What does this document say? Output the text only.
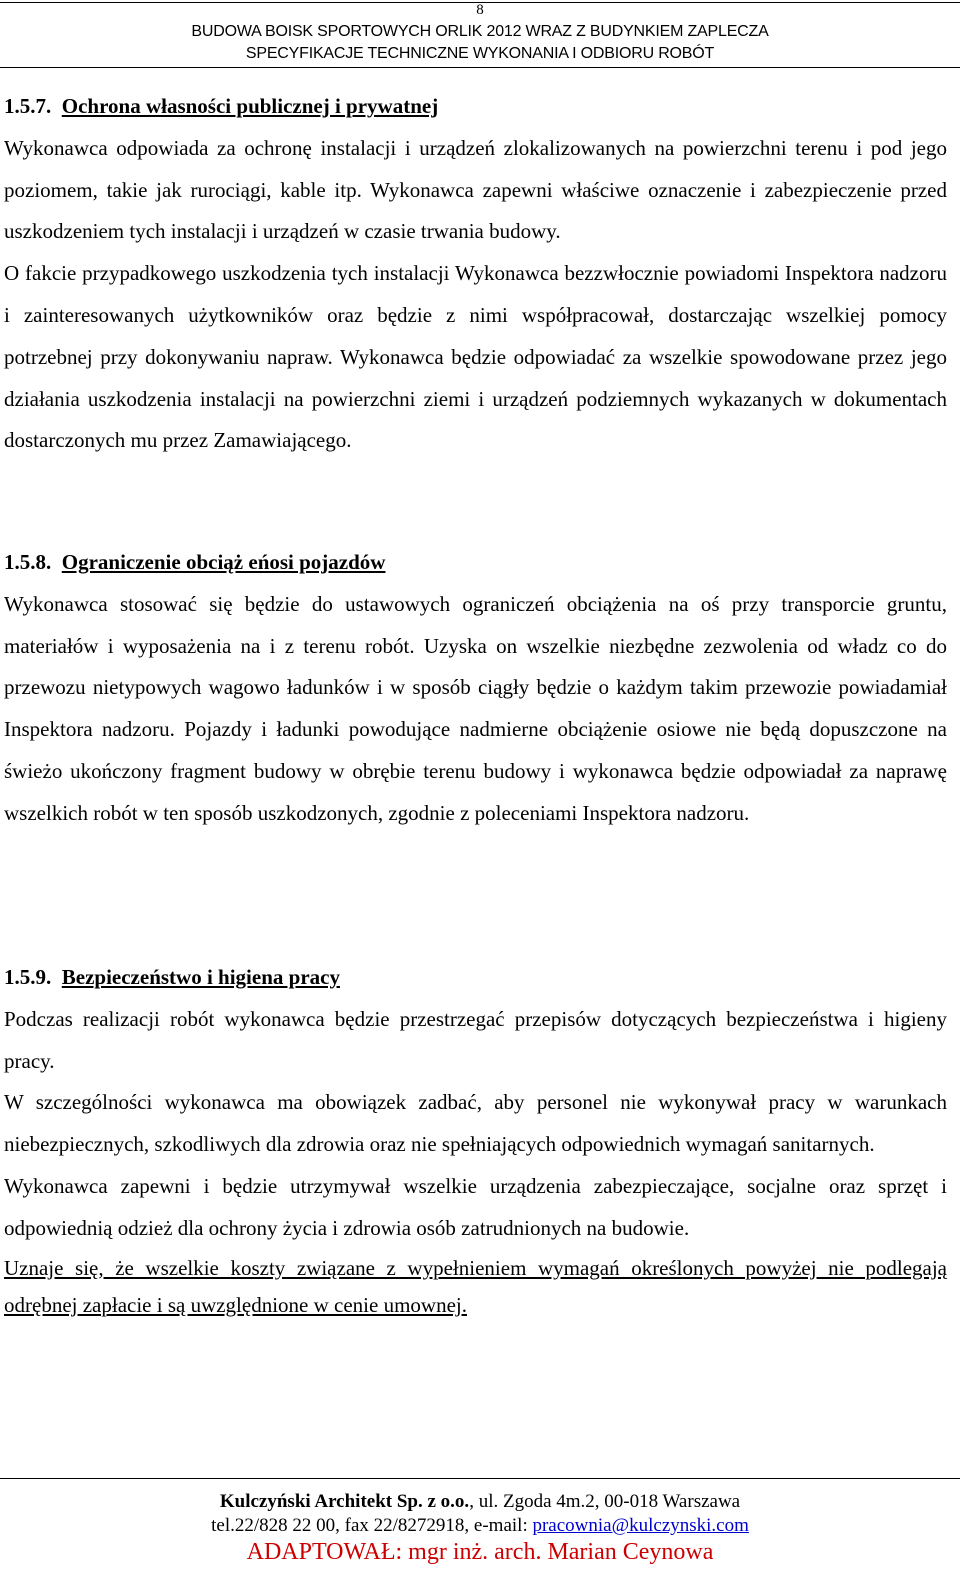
8
BUDOWA BOISK SPORTOWYCH ORLIK 2012 WRAZ Z BUDYNKIEM ZAPLECZA
SPECYFIKACJE TECHNICZNE WYKONANIA I ODBIORU ROBÓT

1.5.7. Ochrona własności publicznej i prywatnej

Wykonawca odpowiada za ochronę instalacji i urządzeń zlokalizowanych na powierzchni terenu i pod jego poziomem, takie jak rurociągi, kable itp. Wykonawca zapewni właściwe oznaczenie i zabezpieczenie przed uszkodzeniem tych instalacji i urządzeń w czasie trwania budowy.

O fakcie przypadkowego uszkodzenia tych instalacji Wykonawca bezzwłocznie powiadomi Inspektora nadzoru i zainteresowanych użytkowników oraz będzie z nimi współpracował, dostarczając wszelkiej pomocy potrzebnej przy dokonywaniu napraw. Wykonawca będzie odpowiadać za wszelkie spowodowane przez jego działania uszkodzenia instalacji na powierzchni ziemi i urządzeń podziemnych wykazanych w dokumentach dostarczonych mu przez Zamawiającego.

1.5.8. Ograniczenie obciąż eńosi pojazdów

Wykonawca stosować się będzie do ustawowych ograniczeń obciążenia na oś przy transporcie gruntu, materiałów i wyposażenia na i z terenu robót. Uzyska on wszelkie niezbędne zezwolenia od władz co do przewozu nietypowych wagowo ładunków i w sposób ciągły będzie o każdym takim przewozie powiadamiał Inspektora nadzoru. Pojazdy i ładunki powodujące nadmierne obciążenie osiowe nie będą dopuszczone na świeżo ukończony fragment budowy w obrębie terenu budowy i wykonawca będzie odpowiadał za naprawę wszelkich robót w ten sposób uszkodzonych, zgodnie z poleceniami Inspektora nadzoru.

1.5.9. Bezpieczeństwo i higiena pracy

Podczas realizacji robót wykonawca będzie przestrzegać przepisów dotyczących bezpieczeństwa i higieny pracy.

W szczególności wykonawca ma obowiązek zadbać, aby personel nie wykonywał pracy w warunkach niebezpiecznych, szkodliwych dla zdrowia oraz nie spełniających odpowiednich wymagań sanitarnych.

Wykonawca zapewni i będzie utrzymywał wszelkie urządzenia zabezpieczające, socjalne oraz sprzęt i odpowiednią odzież dla ochrony życia i zdrowia osób zatrudnionych na budowie.

Uznaje się, że wszelkie koszty związane z wypełnieniem wymagań określonych powyżej nie podlegają odrębnej zapłacie i są uwzględnione w cenie umownej.

Kulczyński Architekt Sp. z o.o., ul. Zgoda 4m.2, 00-018 Warszawa
tel.22/828 22 00, fax 22/8272918, e-mail: pracownia@kulczynski.com
ADAPTOWAŁ: mgr inż. arch. Marian Ceynowa
